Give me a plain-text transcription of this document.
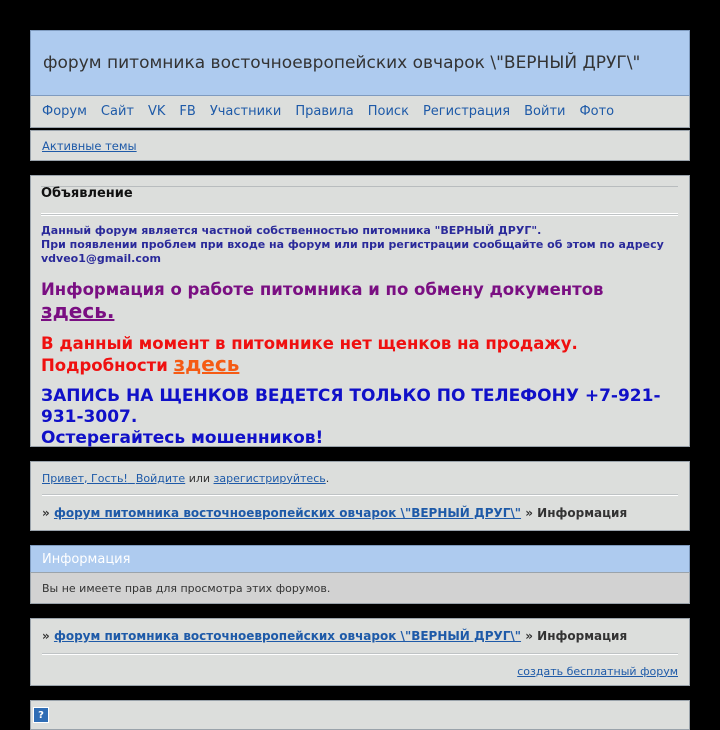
форум питомника восточноевропейских овчарок \"ВЕРНЫЙ ДРУГ\"
Форум Сайт VK FB Участники Правила Поиск Регистрация Войти Фото
Активные темы
Объявление
Данный форум является частной собственностью питомника "ВЕРНЫЙ ДРУГ".
При появлении проблем при входе на форум или при регистрации сообщайте об этом по адресу
vdveo1@gmail.com
Информация о работе питомника и по обмену документов здесь.
В данный момент в питомнике нет щенков на продажу.
Подробности здесь
ЗАПИСЬ НА ЩЕНКОВ ВЕДЕТСЯ ТОЛЬКО ПО ТЕЛЕФОНУ +7-921-931-3007.
Остерегайтесь мошенников!
Привет, Гость!
Войдите или зарегистрируйтесь .
» форум питомника восточноевропейских овчарок \"ВЕРНЫЙ ДРУГ\" » Информация
Информация
Вы не имеете прав для просмотра этих форумов.
» форум питомника восточноевропейских овчарок \"ВЕРНЫЙ ДРУГ\" » Информация
создать бесплатный форум
?
